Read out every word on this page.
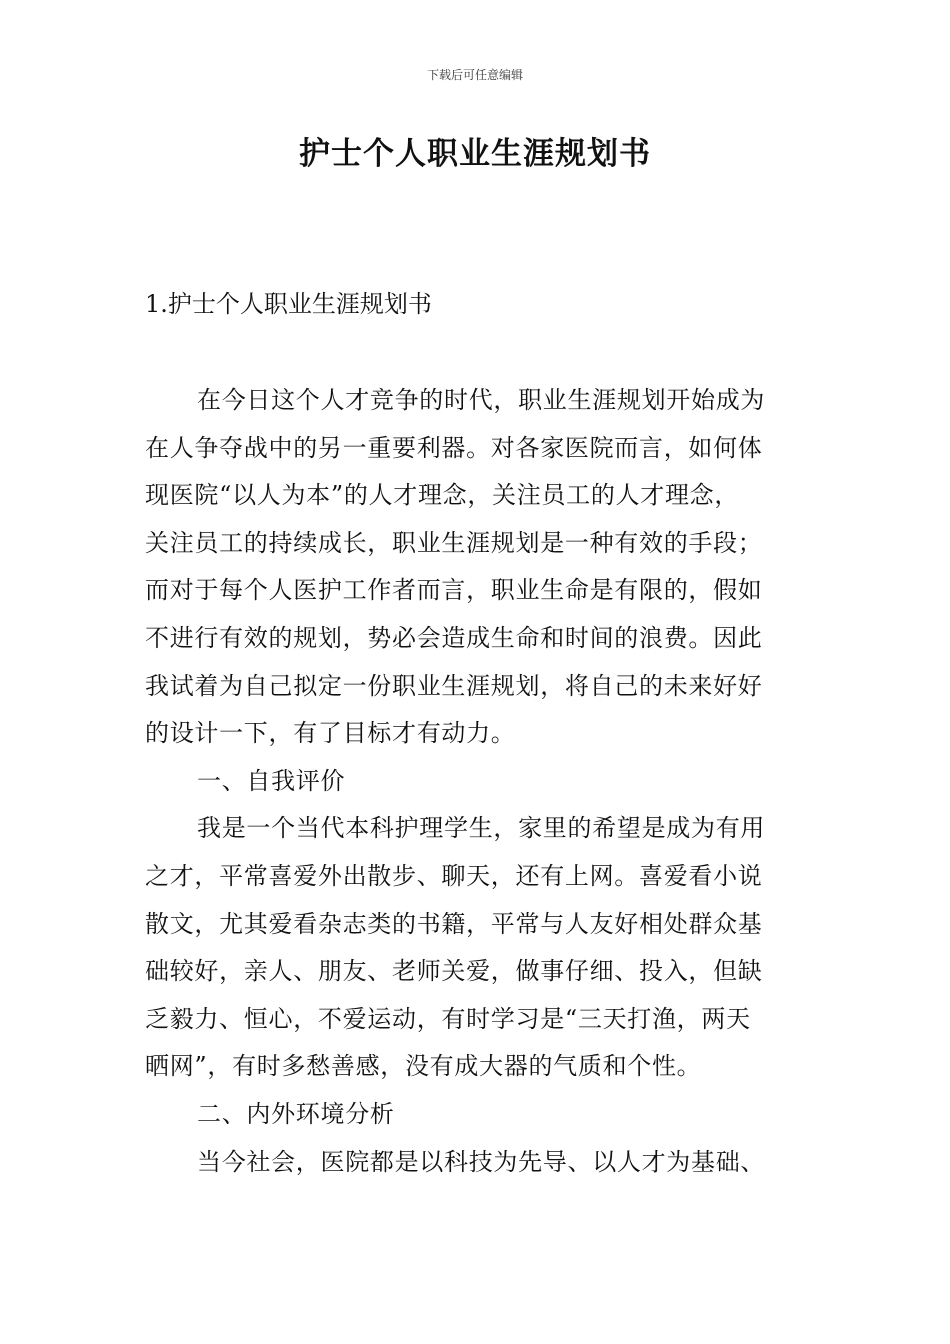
下载后可任意编辑
护士个人职业生涯规划书
1.护士个人职业生涯规划书
在今日这个人才竞争的时代，职业生涯规划开始成为
在人争夺战中的另一重要利器。对各家医院而言，如何体
现医院“以人为本”的人才理念，关注员工的人才理念，
关注员工的持续成长，职业生涯规划是一种有效的手段；
而对于每个人医护工作者而言，职业生命是有限的，假如
不进行有效的规划，势必会造成生命和时间的浪费。因此
我试着为自己拟定一份职业生涯规划，将自己的未来好好
的设计一下，有了目标才有动力。
一、自我评价
我是一个当代本科护理学生，家里的希望是成为有用
之才，平常喜爱外出散步、聊天，还有上网。喜爱看小说
散文，尤其爱看杂志类的书籍，平常与人友好相处群众基
础较好，亲人、朋友、老师关爱，做事仔细、投入，但缺
乏毅力、恒心，不爱运动，有时学习是“三天打渔，两天
晒网”，有时多愁善感，没有成大器的气质和个性。
二、内外环境分析
当今社会，医院都是以科技为先导、以人才为基础、
